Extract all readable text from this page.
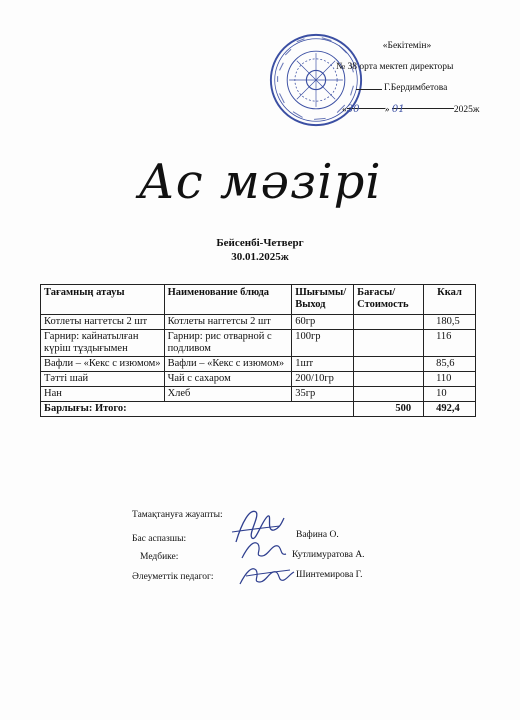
«Бекітемін»
№ 38 орта мектеп директоры
Г.Бердимбетова
«30	» 01	2025ж
Ас мәзірі
Бейсенбі-Четверг
30.01.2025ж
Тағамның атауы	Наименование блюда	Шығымы/ Выход	Бағасы/ Стоимость	Ккал
Котлеты наггетсы 2 шт	Котлеты наггетсы 2 шт	60гр		180,5
Гарнир: кайнатылған күріш тұздығымен	Гарнир: рис отварной с подливом	100гр		116
Вафли – «Кекс с изюмом»	Вафли – «Кекс с изюмом»	1шт		85,6
Тәтті шай	Чай с сахаром	200/10гр		110
Нан	Хлеб	35гр		10
Барлығы: Итого:			500	492,4
Тамақтануға жауапты:
Бас аспазшы:	Вафина О.
Медбике:	Кутлимуратова А.
Әлеуметтік педагог:	Шинтемирова Г.
